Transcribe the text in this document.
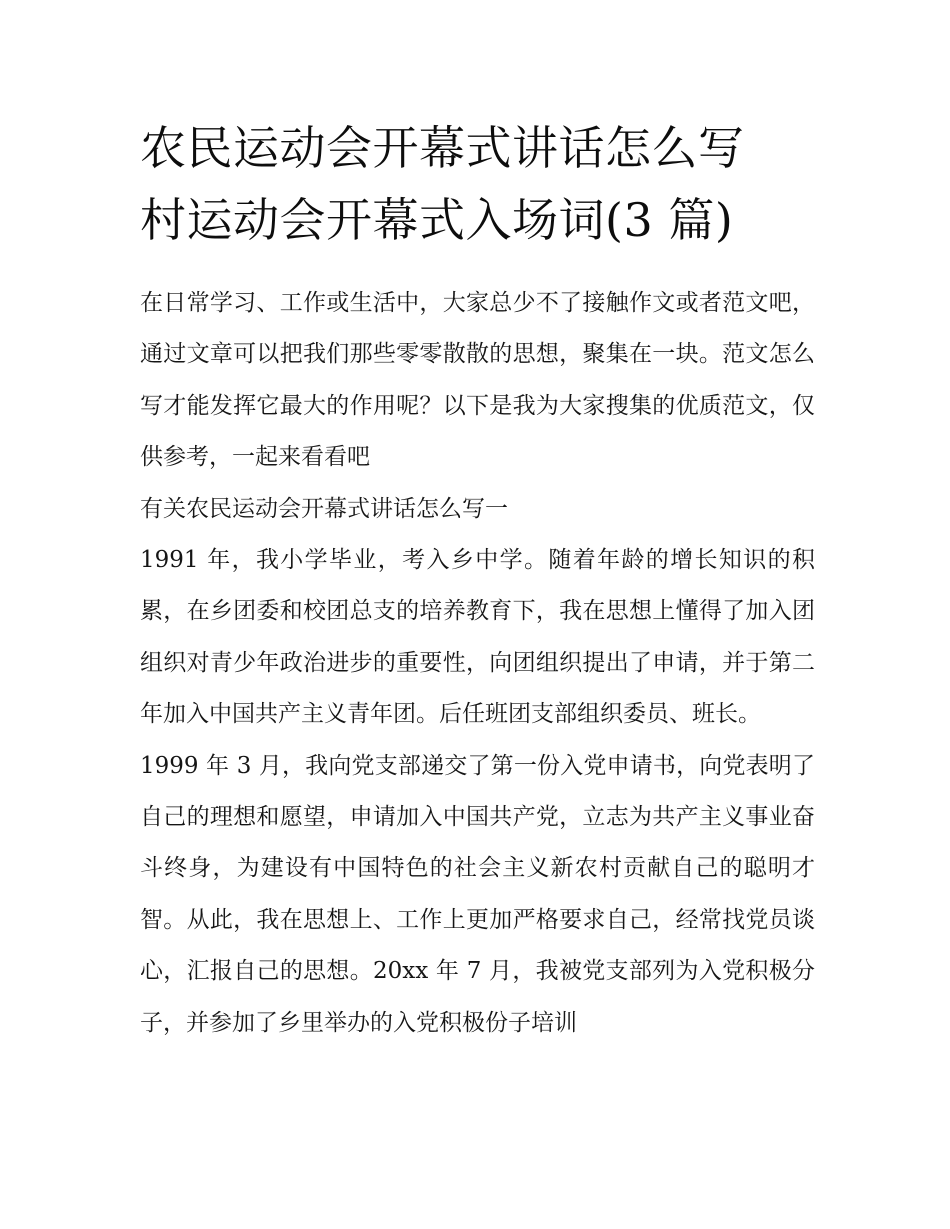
农民运动会开幕式讲话怎么写
村运动会开幕式入场词(3 篇)

在日常学习、工作或生活中，大家总少不了接触作文或者范文吧，通过文章可以把我们那些零零散散的思想，聚集在一块。范文怎么写才能发挥它最大的作用呢？以下是我为大家搜集的优质范文，仅供参考，一起来看看吧

有关农民运动会开幕式讲话怎么写一

1991 年，我小学毕业，考入乡中学。随着年龄的增长知识的积累，在乡团委和校团总支的培养教育下，我在思想上懂得了加入团组织对青少年政治进步的重要性，向团组织提出了申请，并于第二年加入中国共产主义青年团。后任班团支部组织委员、班长。

1999 年 3 月，我向党支部递交了第一份入党申请书，向党表明了自己的理想和愿望，申请加入中国共产党，立志为共产主义事业奋斗终身，为建设有中国特色的社会主义新农村贡献自己的聪明才智。从此，我在思想上、工作上更加严格要求自己，经常找党员谈心，汇报自己的思想。20xx 年 7 月，我被党支部列为入党积极分子，并参加了乡里举办的入党积极份子培训
